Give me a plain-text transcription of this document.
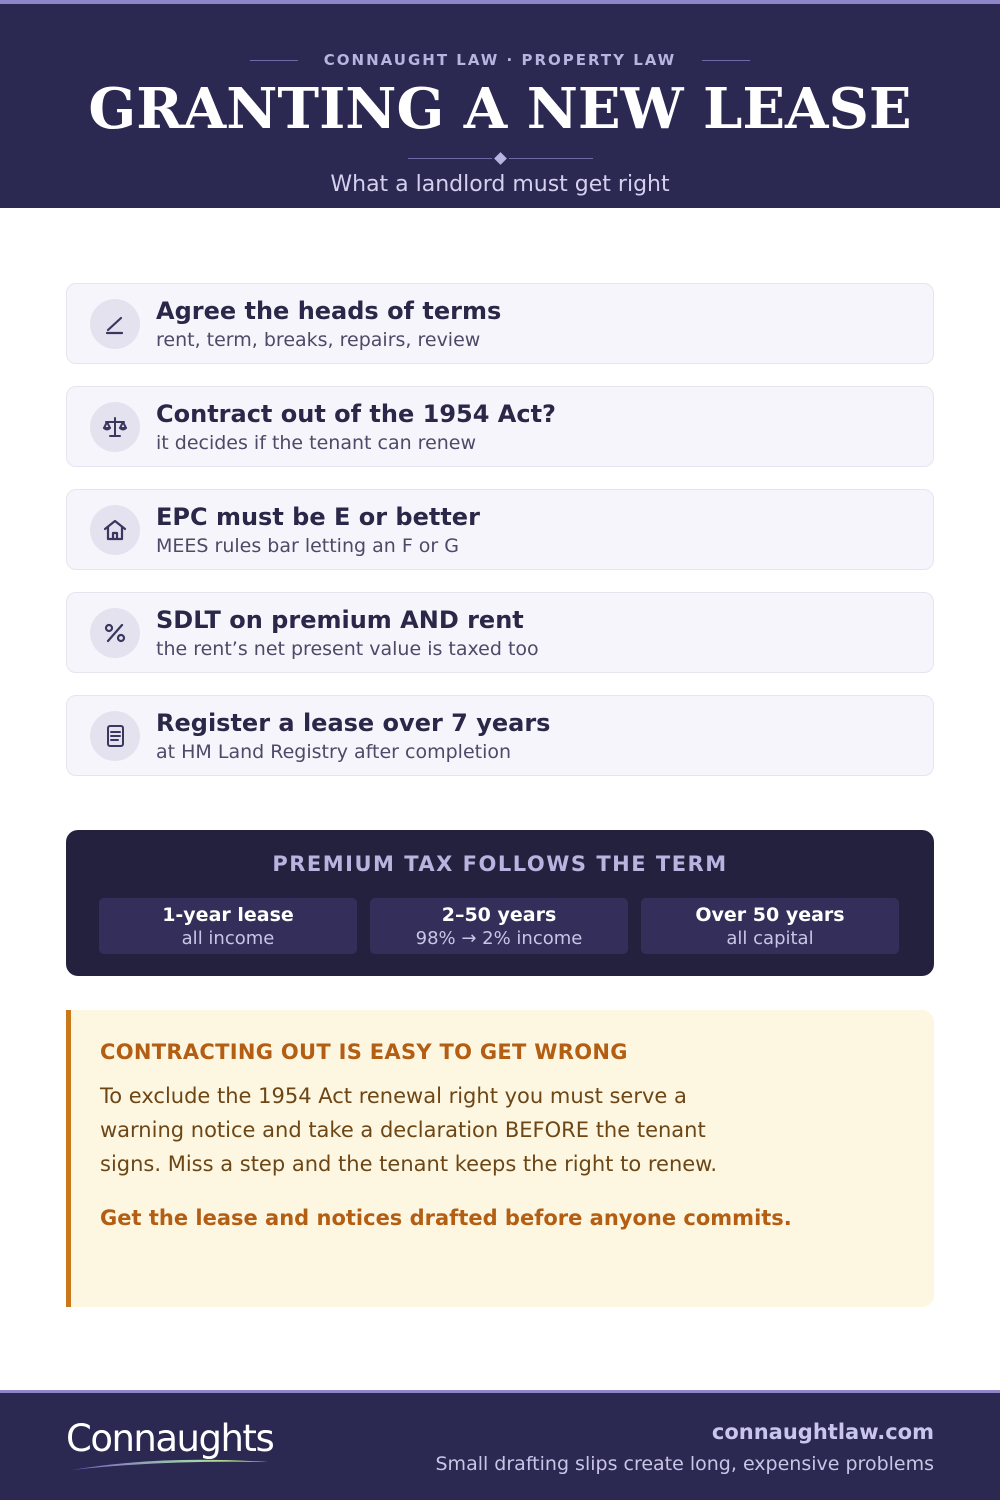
CONNAUGHT LAW · PROPERTY LAW
GRANTING A NEW LEASE
What a landlord must get right
Agree the heads of terms
rent, term, breaks, repairs, review
Contract out of the 1954 Act?
it decides if the tenant can renew
EPC must be E or better
MEES rules bar letting an F or G
SDLT on premium AND rent
the rent’s net present value is taxed too
Register a lease over 7 years
at HM Land Registry after completion
PREMIUM TAX FOLLOWS THE TERM
1-year lease
all income
2–50 years
98% → 2% income
Over 50 years
all capital
CONTRACTING OUT IS EASY TO GET WRONG

To exclude the 1954 Act renewal right you must serve a warning notice and take a declaration BEFORE the tenant signs. Miss a step and the tenant keeps the right to renew.

Get the lease and notices drafted before anyone commits.
Connaughts	connaughtlaw.com
Small drafting slips create long, expensive problems
